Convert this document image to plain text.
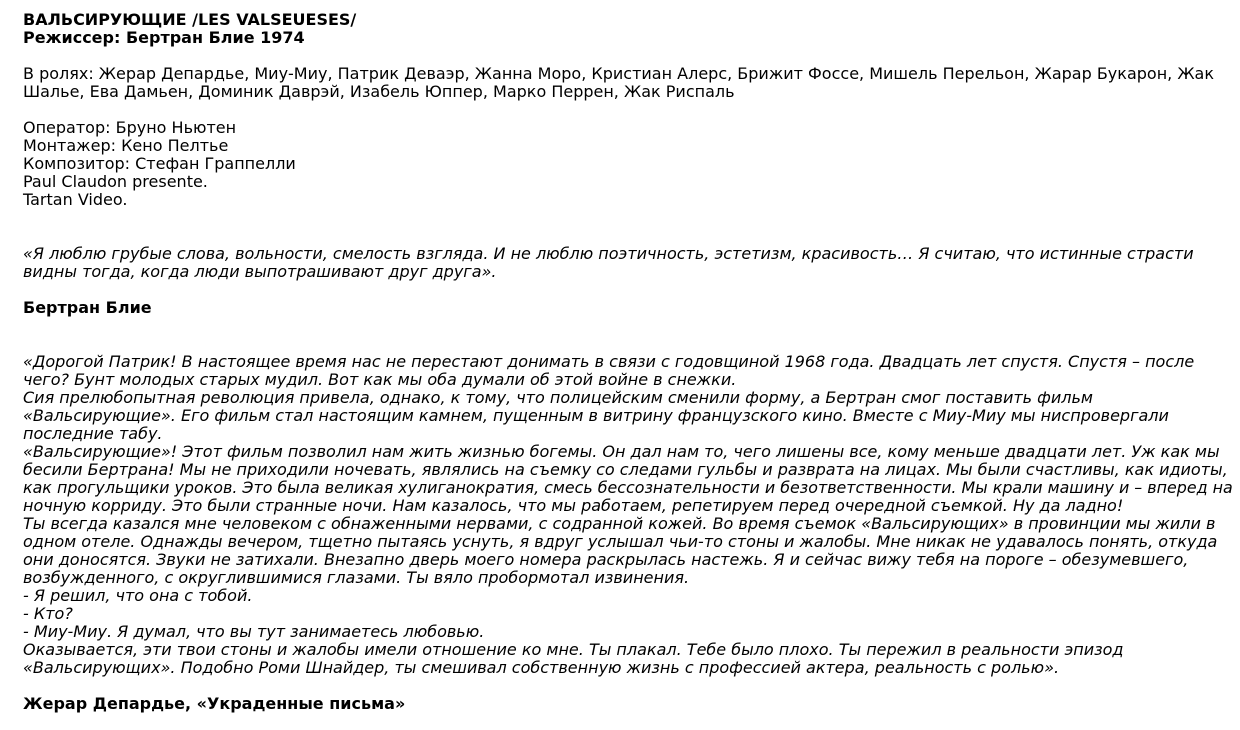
ВАЛЬСИРУЮЩИЕ /LES VALSEUESES/
Режиссер: Бертран Блие 1974
В ролях: Жерар Депардье, Миу-Миу, Патрик Деваэр, Жанна Моро, Кристиан Алерс, Брижит Фоссе, Мишель Перельон, Жарар Букарон, Жак
Шалье, Ева Дамьен, Доминик Даврэй, Изабель Юппер, Марко Перрен, Жак Риспаль
Оператор: Бруно Ньютен
Монтажер: Кено Пелтье
Композитор: Стефан Граппелли
Paul Claudon presente.
Tartan Video.
«Я люблю грубые слова, вольности, смелость взгляда. И не люблю поэтичность, эстетизм, красивость… Я считаю, что истинные страсти
видны тогда, когда люди выпотрашивают друг друга».
Бертран Блие
«Дорогой Патрик! В настоящее время нас не перестают донимать в связи с годовщиной 1968 года. Двадцать лет спустя. Спустя – после
чего? Бунт молодых старых мудил. Вот как мы оба думали об этой войне в снежки.
Сия прелюбопытная революция привела, однако, к тому, что полицейским сменили форму, а Бертран смог поставить фильм
«Вальсирующие». Его фильм стал настоящим камнем, пущенным в витрину французского кино. Вместе с Миу-Миу мы ниспровергали
последние табу.
«Вальсирующие»! Этот фильм позволил нам жить жизнью богемы. Он дал нам то, чего лишены все, кому меньше двадцати лет. Уж как мы
бесили Бертрана! Мы не приходили ночевать, являлись на съемку со следами гульбы и разврата на лицах. Мы были счастливы, как идиоты,
как прогульщики уроков. Это была великая хулиганократия, смесь бессознательности и безответственности. Мы крали машину и – вперед на
ночную корриду. Это были странные ночи. Нам казалось, что мы работаем, репетируем перед очередной съемкой. Ну да ладно!
Ты всегда казался мне человеком с обнаженными нервами, с содранной кожей. Во время съемок «Вальсирующих» в провинции мы жили в
одном отеле. Однажды вечером, тщетно пытаясь уснуть, я вдруг услышал чьи-то стоны и жалобы. Мне никак не удавалось понять, откуда
они доносятся. Звуки не затихали. Внезапно дверь моего номера раскрылась настежь. Я и сейчас вижу тебя на пороге – обезумевшего,
возбужденного, с округлившимися глазами. Ты вяло пробормотал извинения.
- Я решил, что она с тобой.
- Кто?
- Миу-Миу. Я думал, что вы тут занимаетесь любовью.
Оказывается, эти твои стоны и жалобы имели отношение ко мне. Ты плакал. Тебе было плохо. Ты пережил в реальности эпизод
«Вальсирующих». Подобно Роми Шнайдер, ты смешивал собственную жизнь с профессией актера, реальность с ролью».
Жерар Депардье, «Украденные письма»
